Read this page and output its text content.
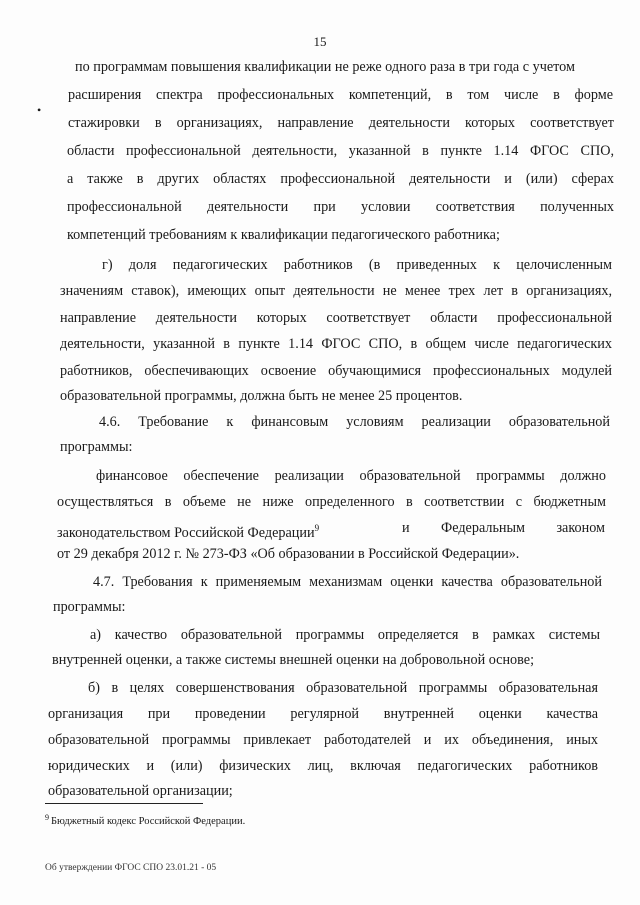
15
•
по программам повышения квалификации не реже одного раза в три года с учетом
расширения спектра профессиональных компетенций, в том числе в форме
стажировки в организациях, направление деятельности которых соответствует
области профессиональной деятельности, указанной в пункте 1.14 ФГОС СПО,
а также в других областях профессиональной деятельности и (или) сферах
профессиональной деятельности при условии соответствия полученных
компетенций требованиям к квалификации педагогического работника;
г) доля педагогических работников (в приведенных к целочисленным
значениям ставок), имеющих опыт деятельности не менее трех лет в организациях,
направление деятельности которых соответствует области профессиональной
деятельности, указанной в пункте 1.14 ФГОС СПО, в общем числе педагогических
работников, обеспечивающих освоение обучающимися профессиональных модулей
образовательной программы, должна быть не менее 25 процентов.
4.6. Требование к финансовым условиям реализации образовательной
программы:
финансовое обеспечение реализации образовательной программы должно
осуществляться в объеме не ниже определенного в соответствии с бюджетным
законодательством Российской Федерации$^9$	и Федеральным законом
от 29 декабря 2012 г. № 273-ФЗ «Об образовании в Российской Федерации».
4.7. Требования к применяемым механизмам оценки качества образовательной
программы:
а) качество образовательной программы определяется в рамках системы
внутренней оценки, а также системы внешней оценки на добровольной основе;
б) в целях совершенствования образовательной программы образовательная
организация при проведении регулярной внутренней оценки качества
образовательной программы привлекает работодателей и их объединения, иных
юридических и (или) физических лиц, включая педагогических работников
образовательной организации;
$^9$ Бюджетный кодекс Российской Федерации.
Об утверждении ФГОС СПО 23.01.21 - 05
